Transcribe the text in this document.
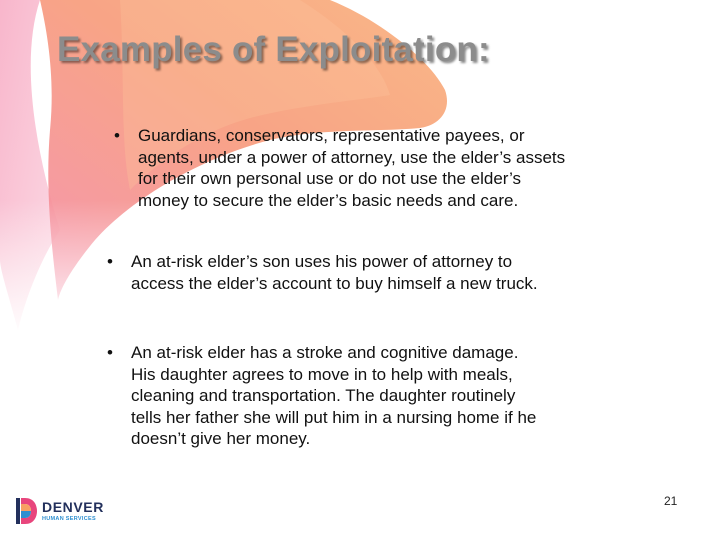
Examples of Exploitation:
•	Guardians, conservators, representative payees, or
agents, under a power of attorney, use the elder’s assets
for their own personal use or do not use the elder’s
money to secure the elder’s basic needs and care.
•	An at-risk elder’s son uses his power of attorney to
access the elder’s account to buy himself a new truck.
•	An at-risk elder has a stroke and cognitive damage.
His daughter agrees to move in to help with meals,
cleaning and transportation. The daughter routinely
tells her father she will put him in a nursing home if he
doesn’t give her money.
DENVER
HUMAN SERVICES
21
